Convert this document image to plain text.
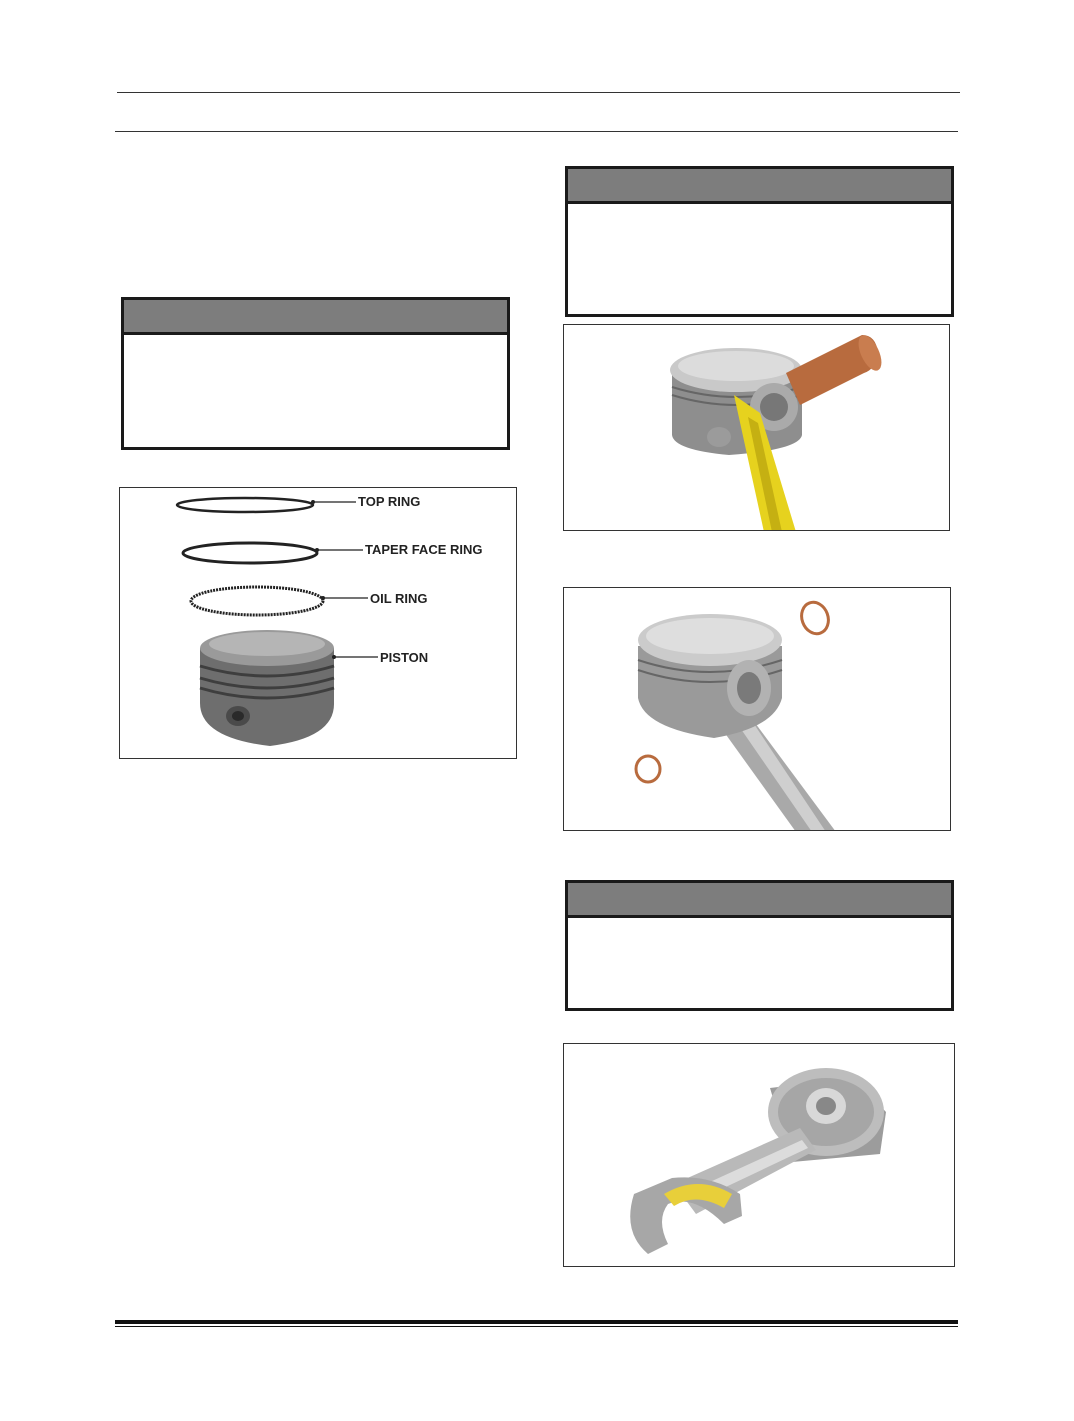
TOP RING
TAPER FACE RING
OIL RING
PISTON
